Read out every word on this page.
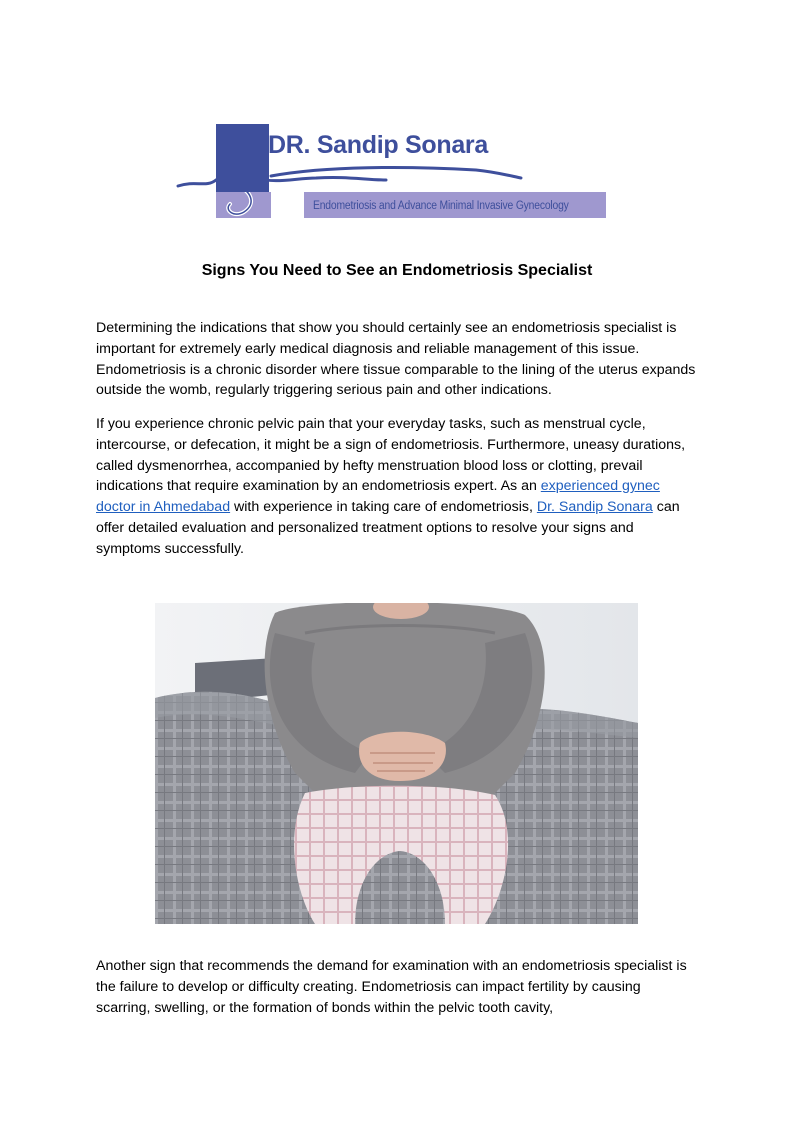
DR. Sandip Sonara
Endometriosis and Advance Minimal Invasive Gynecology
Signs You Need to See an Endometriosis Specialist

Determining the indications that show you should certainly see an endometriosis specialist is important for extremely early medical diagnosis and reliable management of this issue. Endometriosis is a chronic disorder where tissue comparable to the lining of the uterus expands outside the womb, regularly triggering serious pain and other indications.

If you experience chronic pelvic pain that your everyday tasks, such as menstrual cycle, intercourse, or defecation, it might be a sign of endometriosis. Furthermore, uneasy durations, called dysmenorrhea, accompanied by hefty menstruation blood loss or clotting, prevail indications that require examination by an endometriosis expert. As an experienced gynec doctor in Ahmedabad with experience in taking care of endometriosis, Dr. Sandip Sonara can offer detailed evaluation and personalized treatment options to resolve your signs and symptoms successfully.

Another sign that recommends the demand for examination with an endometriosis specialist is the failure to develop or difficulty creating. Endometriosis can impact fertility by causing scarring, swelling, or the formation of bonds within the pelvic tooth cavity,
